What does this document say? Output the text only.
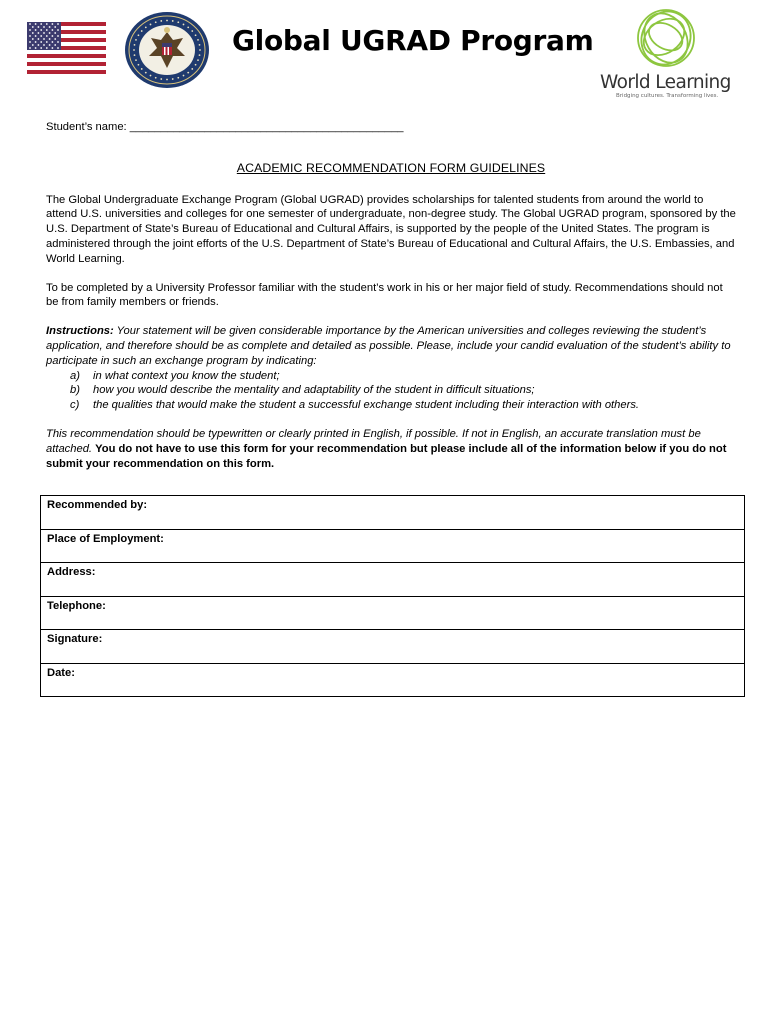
Global UGRAD Program
World Learning
Bridging cultures. Transforming lives.
Student’s name: ____________________________________________
ACADEMIC RECOMMENDATION FORM GUIDELINES

The Global Undergraduate Exchange Program (Global UGRAD) provides scholarships for talented students from around the world to attend U.S. universities and colleges for one semester of undergraduate, non-degree study. The Global UGRAD program, sponsored by the U.S. Department of State’s Bureau of Educational and Cultural Affairs, is supported by the people of the United States. The program is administered through the joint efforts of the U.S. Department of State’s Bureau of Educational and Cultural Affairs, the U.S. Embassies, and World Learning.

To be completed by a University Professor familiar with the student’s work in his or her major field of study. Recommendations should not be from family members or friends.

Instructions: Your statement will be given considerable importance by the American universities and colleges reviewing the student’s application, and therefore should be as complete and detailed as possible. Please, include your candid evaluation of the student’s ability to participate in such an exchange program by indicating:

a) in what context you know the student;
b) how you would describe the mentality and adaptability of the student in difficult situations;
c) the qualities that would make the student a successful exchange student including their interaction with others.

This recommendation should be typewritten or clearly printed in English, if possible. If not in English, an accurate translation must be attached. You do not have to use this form for your recommendation but please include all of the information below if you do not submit your recommendation on this form.

Recommended by:
Place of Employment:
Address:
Telephone:
Signature:
Date:
